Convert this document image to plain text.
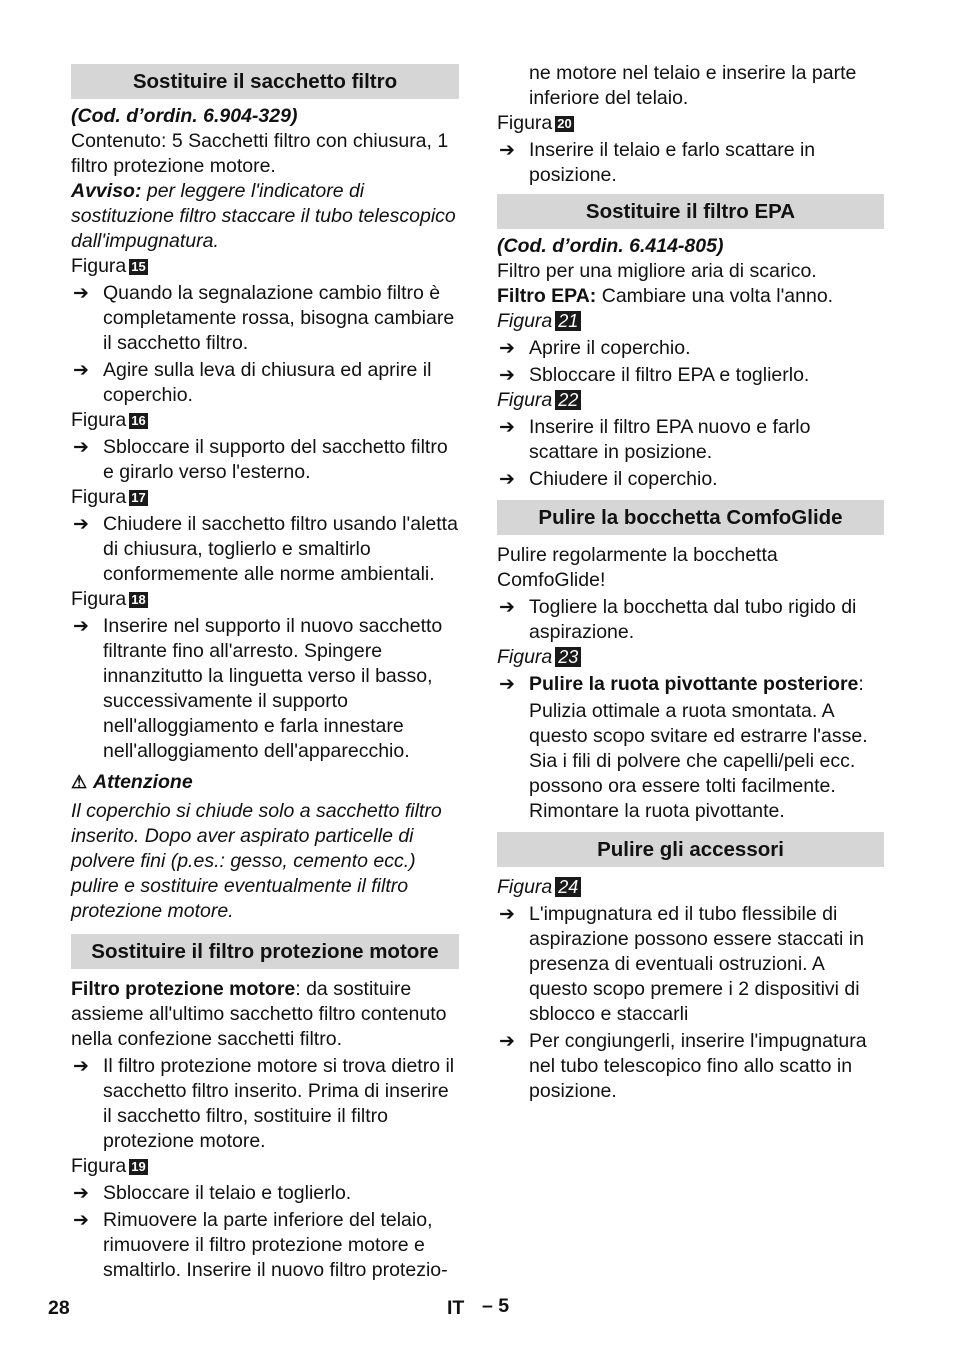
Sostituire il sacchetto filtro

(Cod. d’ordin. 6.904-329)

Contenuto: 5 Sacchetti filtro con chiusura, 1 filtro protezione motore.

Avviso: per leggere l'indicatore di sostituzione filtro staccare il tubo telescopico dall'impugnatura.

Figura 15

➔ Quando la segnalazione cambio filtro è completamente rossa, bisogna cambiare il sacchetto filtro.
➔ Agire sulla leva di chiusura ed aprire il coperchio.

Figura 16

➔ Sbloccare il supporto del sacchetto filtro e girarlo verso l'esterno.

Figura 17

➔ Chiudere il sacchetto filtro usando l'aletta di chiusura, toglierlo e smaltirlo conformemente alle norme ambientali.

Figura 18

➔ Inserire nel supporto il nuovo sacchetto filtrante fino all'arresto. Spingere innanzitutto la linguetta verso il basso, successivamente il supporto nell'alloggiamento e farla innestare nell'alloggiamento dell'apparecchio.

⚠ Attenzione

Il coperchio si chiude solo a sacchetto filtro inserito. Dopo aver aspirato particelle di polvere fini (p.es.: gesso, cemento ecc.) pulire e sostituire eventualmente il filtro protezione motore.

Sostituire il filtro protezione motore

Filtro protezione motore: da sostituire assieme all'ultimo sacchetto filtro contenuto nella confezione sacchetti filtro.

➔ Il filtro protezione motore si trova dietro il sacchetto filtro inserito. Prima di inserire il sacchetto filtro, sostituire il filtro protezione motore.

Figura 19

➔ Sbloccare il telaio e toglierlo.
➔ Rimuovere la parte inferiore del telaio, rimuovere il filtro protezione motore e smaltirlo. Inserire il nuovo filtro protezio-
ne motore nel telaio e inserire la parte inferiore del telaio.

Figura 20

➔ Inserire il telaio e farlo scattare in posizione.
Sostituire il filtro EPA

(Cod. d’ordin. 6.414-805)

Filtro per una migliore aria di scarico.

Filtro EPA: Cambiare una volta l'anno.

Figura 21

➔ Aprire il coperchio.
➔ Sbloccare il filtro EPA e toglierlo.

Figura 22

➔ Inserire il filtro EPA nuovo e farlo scattare in posizione.
➔ Chiudere il coperchio.
Pulire la bocchetta ComfoGlide

Pulire regolarmente la bocchetta ComfoGlide!

➔ Togliere la bocchetta dal tubo rigido di aspirazione.

Figura 23

➔ Pulire la ruota pivottante posteriore:
Pulizia ottimale a ruota smontata. A questo scopo svitare ed estrarre l'asse. Sia i fili di polvere che capelli/peli ecc. possono ora essere tolti facilmente. Rimontare la ruota pivottante.
Pulire gli accessori

Figura 24

➔ L'impugnatura ed il tubo flessibile di aspirazione possono essere staccati in presenza di eventuali ostruzioni. A questo scopo premere i 2 dispositivi di sblocco e staccarli
➔ Per congiungerli, inserire l'impugnatura nel tubo telescopico fino allo scatto in posizione.
28	IT – 5
